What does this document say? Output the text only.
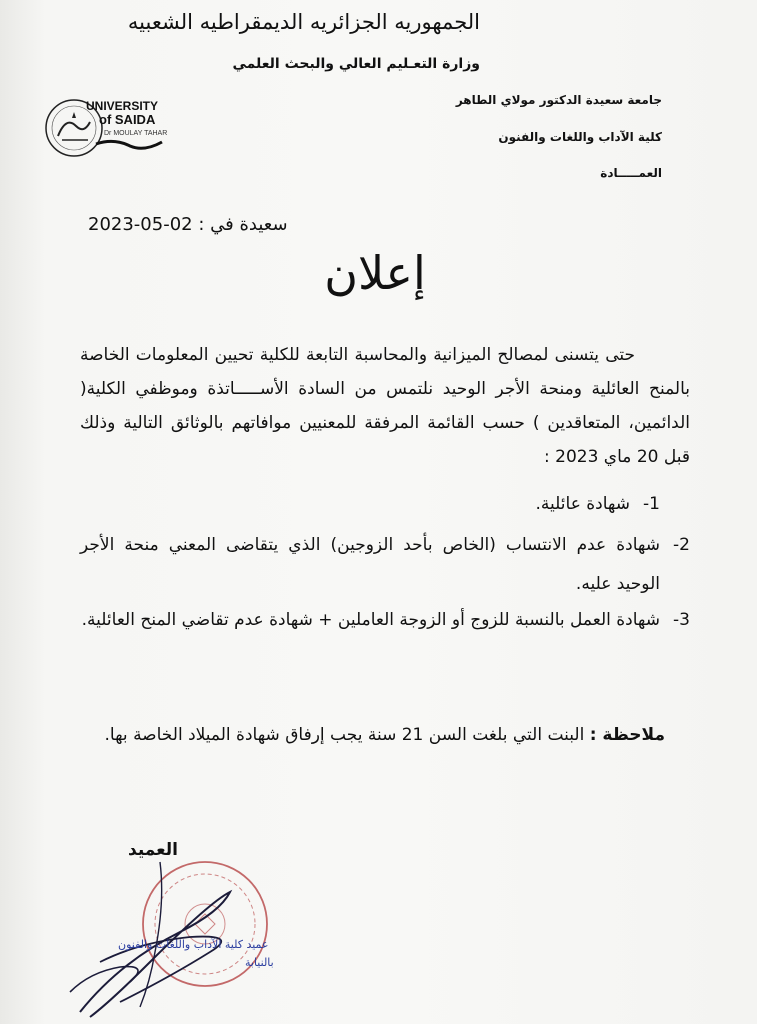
الجمهوريه الجزائريه الديمقراطيه الشعبيه
وزارة التعـليم العالي والبحث العلمي
جامعة سعيدة الدكتور مولاي الطاهر
كلية الآداب واللغات والفنون
العمـــــادة
UNIVERSITY
of SAIDA
Dr MOULAY TAHAR
2023-05-02 سعيدة في :
إعلان
حتى يتسنى لمصالح الميزانية والمحاسبة التابعة للكلية تحيين المعلومات الخاصة بالمنح العائلية ومنحة الأجر الوحيد نلتمس من السادة الأســـــاتذة وموظفي الكلية( الدائمين، المتعاقدين ) حسب القائمة المرفقة للمعنيين موافاتهم بالوثائق التالية وذلك قبل 20 ماي 2023 :
1-
شهادة عائلية.
2-
شهادة عدم الانتساب (الخاص بأحد الزوجين) الذي يتقاضى المعني منحة الأجر الوحيد عليه.
3-
شهادة العمل بالنسبة للزوج أو الزوجة العاملين + شهادة عدم تقاضي المنح العائلية.
ملاحظة : البنت التي بلغت السن 21 سنة يجب إرفاق شهادة الميلاد الخاصة بها.
العميد
عميد كلية الآداب واللغات والفنون
بالنيابة
